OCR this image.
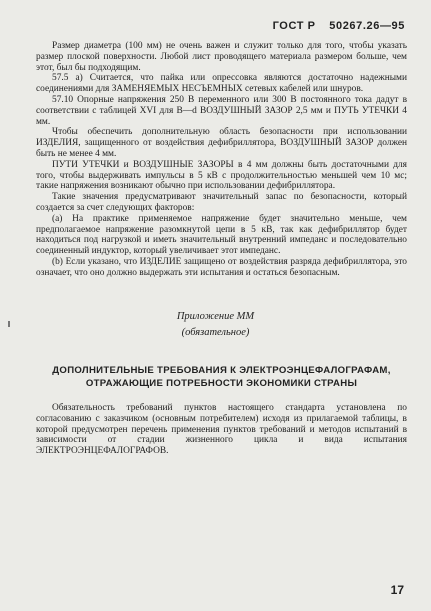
ГОСТ Р 50267.26—95

Размер диаметра (100 мм) не очень важен и служит только для того, чтобы указать размер плоской поверхности. Любой лист проводящего материала размером больше, чем этот, был бы подходящим.

57.5 а) Считается, что пайка или опрессовка являются достаточно надежными соединениями для ЗАМЕНЯЕМЫХ НЕСЪЕМНЫХ сетевых кабелей или шнуров.

57.10 Опорные напряжения 250 В переменного или 300 В постоянного тока дадут в соответствии с таблицей XVI для В—d ВОЗДУШНЫЙ ЗАЗОР 2,5 мм и ПУТЬ УТЕЧКИ 4 мм.

Чтобы обеспечить дополнительную область безопасности при использовании ИЗДЕЛИЯ, защищенного от воздействия дефибриллятора, ВОЗДУШНЫЙ ЗАЗОР должен быть не менее 4 мм.

ПУТИ УТЕЧКИ и ВОЗДУШНЫЕ ЗАЗОРЫ в 4 мм должны быть достаточными для того, чтобы выдерживать импульсы в 5 кВ с продолжительностью меньшей чем 10 мс; такие напряжения возникают обычно при использовании дефибриллятора.

Такие значения предусматривают значительный запас по безопасности, который создается за счет следующих факторов:

(а) На практике применяемое напряжение будет значительно меньше, чем предполагаемое напряжение разомкнутой цепи в 5 кВ, так как дефибриллятор будет находиться под нагрузкой и иметь значительный внутренний импеданс и последовательно соединенный индуктор, который увеличивает этот импеданс.

(b) Если указано, что ИЗДЕЛИЕ защищено от воздействия разряда дефибриллятора, это означает, что оно должно выдержать эти испытания и остаться безопасным.

Приложение ММ
(обязательное)
ДОПОЛНИТЕЛЬНЫЕ ТРЕБОВАНИЯ К ЭЛЕКТРОЭНЦЕФАЛОГРАФАМ,
ОТРАЖАЮЩИЕ ПОТРЕБНОСТИ ЭКОНОМИКИ СТРАНЫ

Обязательность требований пунктов настоящего стандарта установлена по согласованию с заказчиком (основным потребителем) исходя из прилагаемой таблицы, в которой предусмотрен перечень применения пунктов требований и методов испытаний в зависимости от стадии жизненного цикла и вида испытания ЭЛЕКТРОЭНЦЕФАЛОГРАФОВ.

17
